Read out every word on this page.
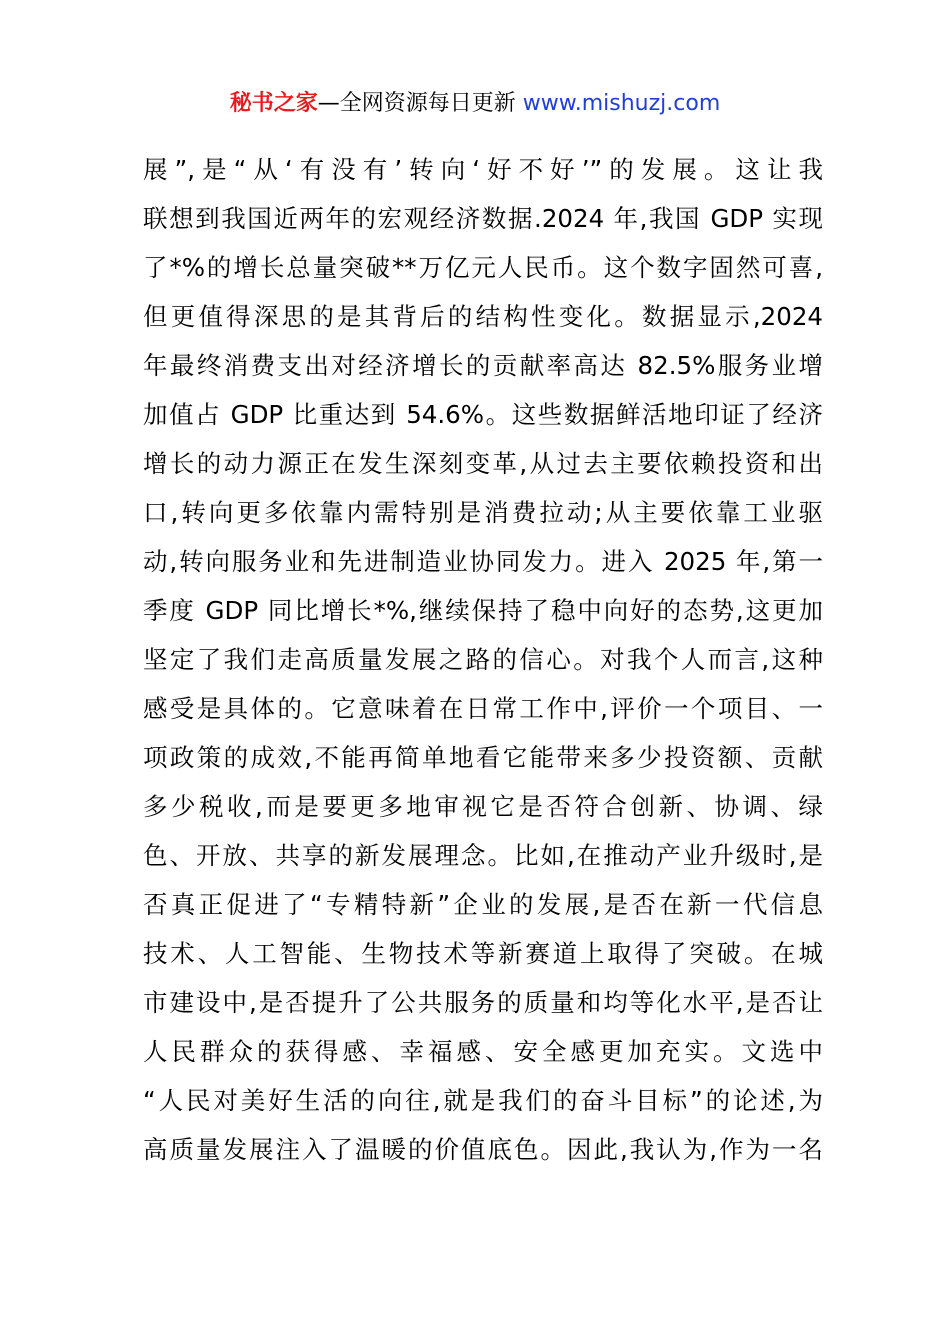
秘书之家—全网资源每日更新 www.mishuzj.com
展”,是“从‘有没有’转向‘好不好’”的发展。这让我
联想到我国近两年的宏观经济数据.2024 年,我国 GDP 实现
了*%的增长总量突破**万亿元人民币。这个数字固然可喜,
但更值得深思的是其背后的结构性变化。数据显示,2024
年最终消费支出对经济增长的贡献率高达 82.5%服务业增
加值占 GDP 比重达到 54.6%。这些数据鲜活地印证了经济
增长的动力源正在发生深刻变革,从过去主要依赖投资和出
口,转向更多依靠内需特别是消费拉动;从主要依靠工业驱
动,转向服务业和先进制造业协同发力。进入 2025 年,第一
季度 GDP 同比增长*%,继续保持了稳中向好的态势,这更加
坚定了我们走高质量发展之路的信心。对我个人而言,这种
感受是具体的。它意味着在日常工作中,评价一个项目、一
项政策的成效,不能再简单地看它能带来多少投资额、贡献
多少税收,而是要更多地审视它是否符合创新、协调、绿
色、开放、共享的新发展理念。比如,在推动产业升级时,是
否真正促进了“专精特新”企业的发展,是否在新一代信息
技术、人工智能、生物技术等新赛道上取得了突破。在城
市建设中,是否提升了公共服务的质量和均等化水平,是否让
人民群众的获得感、幸福感、安全感更加充实。文选中
“人民对美好生活的向往,就是我们的奋斗目标”的论述,为
高质量发展注入了温暖的价值底色。因此,我认为,作为一名
